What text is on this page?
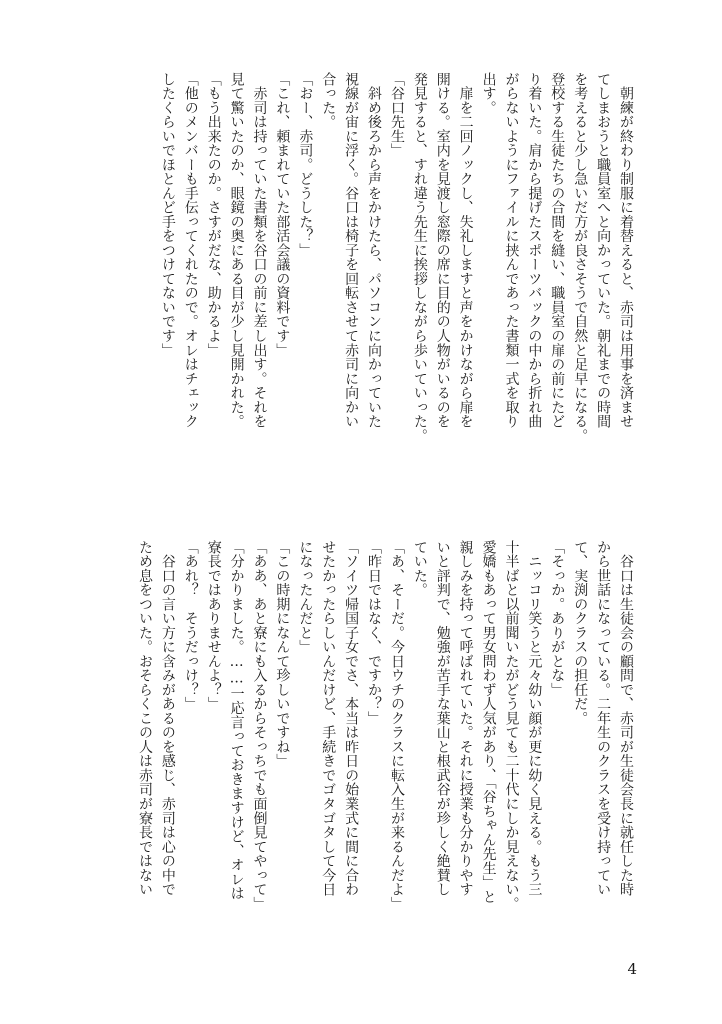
　朝練が終わり制服に着替えると、赤司は用事を済ませ
てしまおうと職員室へと向かっていた。朝礼までの時間
を考えると少し急いだ方が良さそうで自然と足早になる。
登校する生徒たちの合間を縫い、職員室の扉の前にたど
り着いた。肩から提げたスポーツバックの中から折れ曲
がらないようにファイルに挟んであった書類一式を取り
出す。
　扉を二回ノックし、失礼しますと声をかけながら扉を
開ける。室内を見渡し窓際の席に目的の人物がいるのを
発見すると、すれ違う先生に挨拶しながら歩いていった。
「谷口先生」
　斜め後ろから声をかけたら、パソコンに向かっていた
視線が宙に浮く。谷口は椅子を回転させて赤司に向かい
合った。
「おー、赤司。どうした？」
「これ、頼まれていた部活会議の資料です」
　赤司は持っていた書類を谷口の前に差し出す。それを
見て驚いたのか、眼鏡の奥にある目が少し見開かれた。
「もう出来たのか。さすがだな、助かるよ」
「他のメンバーも手伝ってくれたので。オレはチェック
したくらいでほとんど手をつけてないです」
　谷口は生徒会の顧問で、赤司が生徒会長に就任した時
から世話になっている。二年生のクラスを受け持ってい
て、実渕のクラスの担任だ。
「そっか。ありがとな」
　ニッコリ笑うと元々幼い顔が更に幼く見える。もう三
十半ばと以前聞いたがどう見ても二十代にしか見えない。
愛嬌もあって男女問わず人気があり、「谷ちゃん先生」と
親しみを持って呼ばれていた。それに授業も分かりやす
いと評判で、勉強が苦手な葉山と根武谷が珍しく絶賛し
ていた。
「あ、そーだ。今日ウチのクラスに転入生が来るんだよ」
「昨日ではなく、ですか？」
「ソイツ帰国子女でさ、本当は昨日の始業式に間に合わ
せたかったらしいんだけど、手続きでゴタゴタして今日
になったんだと」
「この時期になんて珍しいですね」
「ああ、あと寮にも入るからそっちでも面倒見てやって」
「分かりました。……一応言っておきますけど、オレは
寮長ではありませんよ？」
「あれ？　そうだっけ？」
　谷口の言い方に含みがあるのを感じ、赤司は心の中で
ため息をついた。おそらくこの人は赤司が寮長ではない
4
